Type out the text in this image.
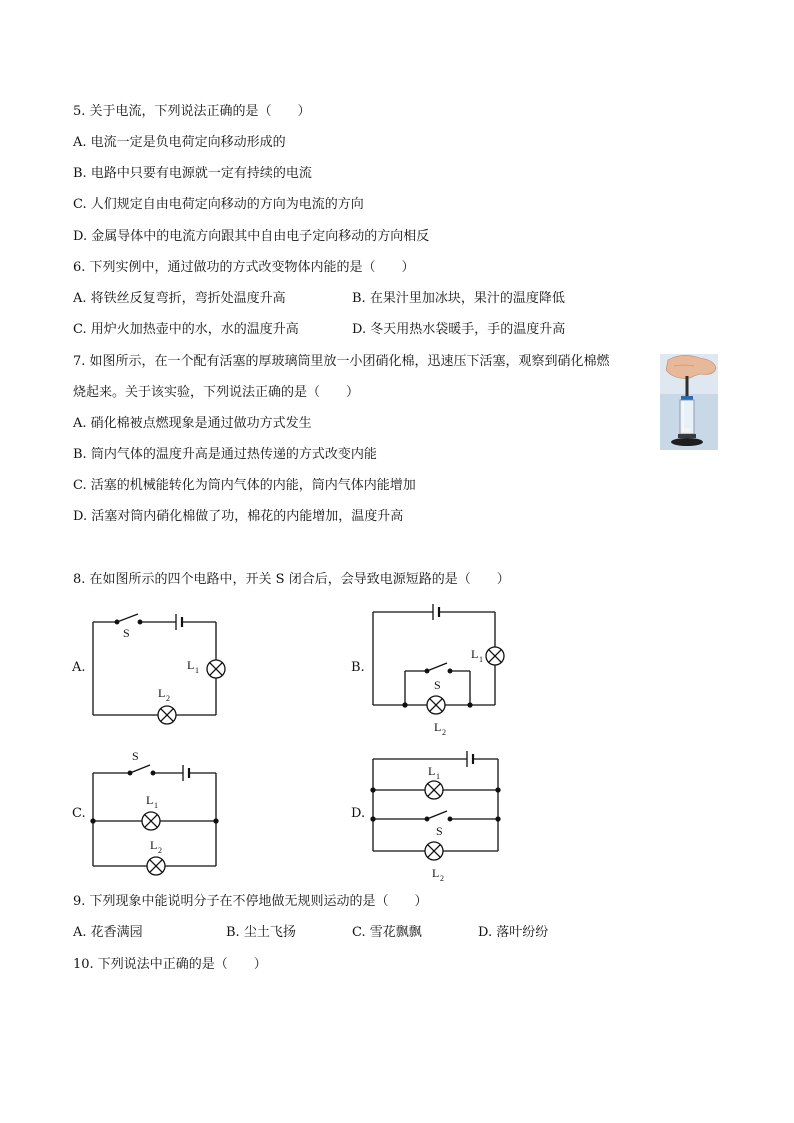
5. 关于电流，下列说法正确的是（　　）
A. 电流一定是负电荷定向移动形成的
B. 电路中只要有电源就一定有持续的电流
C. 人们规定自由电荷定向移动的方向为电流的方向
D. 金属导体中的电流方向跟其中自由电子定向移动的方向相反
6. 下列实例中，通过做功的方式改变物体内能的是（　　）
A. 将铁丝反复弯折，弯折处温度升高	B. 在果汁里加冰块，果汁的温度降低
C. 用炉火加热壶中的水，水的温度升高	D. 冬天用热水袋暖手，手的温度升高
7. 如图所示，在一个配有活塞的厚玻璃筒里放一小团硝化棉，迅速压下活塞，观察到硝化棉燃
烧起来。关于该实验，下列说法正确的是（　　）
A. 硝化棉被点燃现象是通过做功方式发生
B. 筒内气体的温度升高是通过热传递的方式改变内能
C. 活塞的机械能转化为筒内气体的内能，筒内气体内能增加
D. 活塞对筒内硝化棉做了功，棉花的内能增加，温度升高
8. 在如图所示的四个电路中，开关 S 闭合后，会导致电源短路的是（　　）
A.	B.
C.	D.
S
L 1
L 2
S
L 1
L 2
S
L 1
L 2
L 1
S
L 2
9. 下列现象中能说明分子在不停地做无规则运动的是（　　）
A. 花香满园	B. 尘土飞扬	C. 雪花飘飘	D. 落叶纷纷
10. 下列说法中正确的是（　　）
